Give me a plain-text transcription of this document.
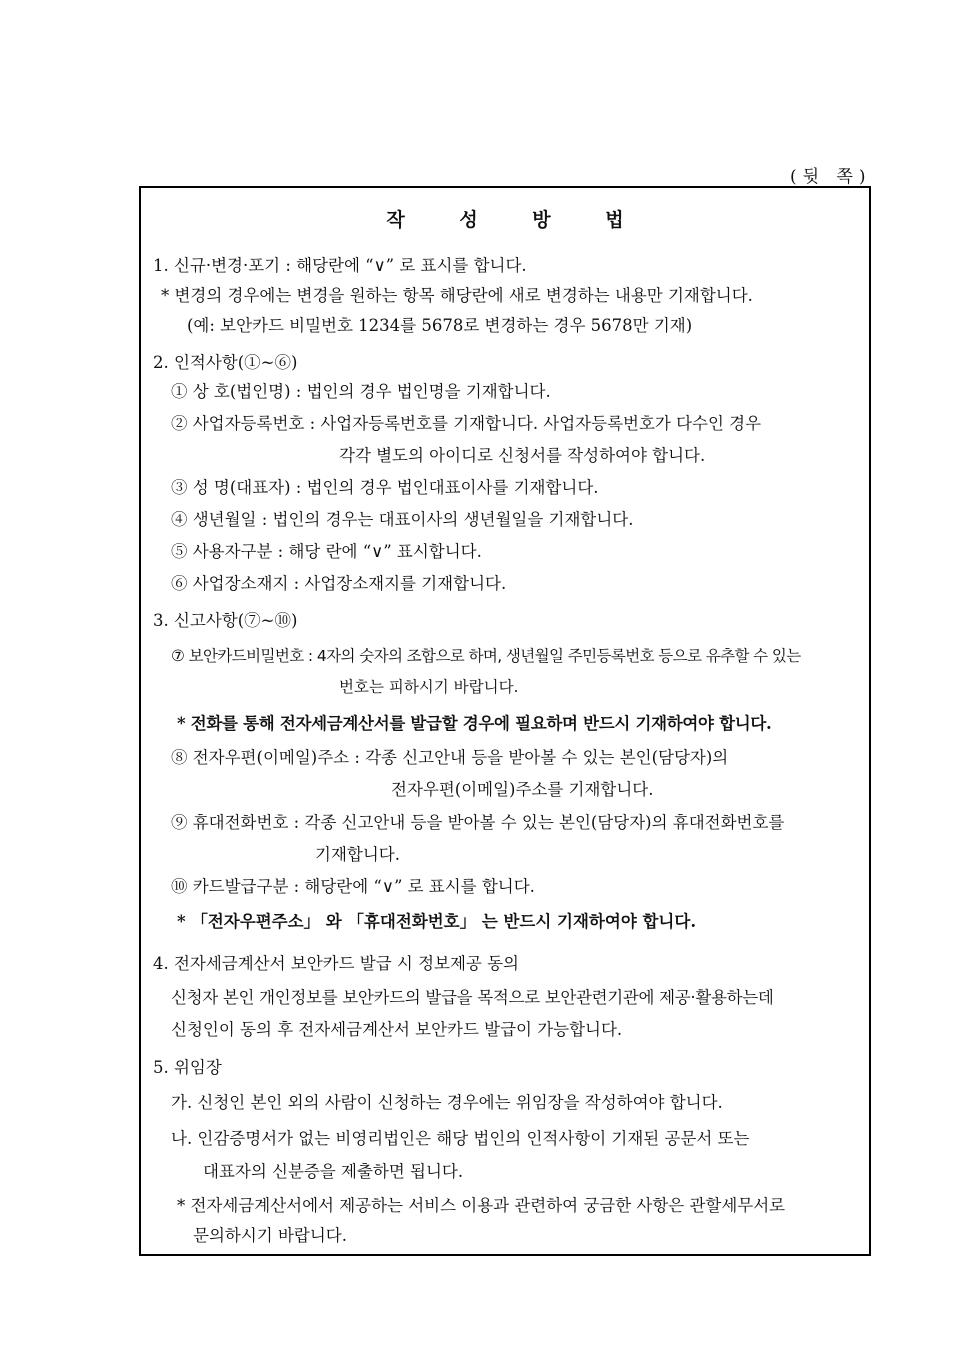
(뒷 쪽)
작 성 방 법
1. 신규·변경·포기 : 해당란에 “∨” 로 표시를 합니다.
* 변경의 경우에는 변경을 원하는 항목 해당란에 새로 변경하는 내용만 기재합니다.
(예: 보안카드 비밀번호 1234를 5678로 변경하는 경우 5678만 기재)
2. 인적사항(①~⑥)
① 상 호(법인명) : 법인의 경우 법인명을 기재합니다.
② 사업자등록번호 : 사업자등록번호를 기재합니다. 사업자등록번호가 다수인 경우
각각 별도의 아이디로 신청서를 작성하여야 합니다.
③ 성 명(대표자) : 법인의 경우 법인대표이사를 기재합니다.
④ 생년월일 : 법인의 경우는 대표이사의 생년월일을 기재합니다.
⑤ 사용자구분 : 해당 란에 “∨” 표시합니다.
⑥ 사업장소재지 : 사업장소재지를 기재합니다.
3. 신고사항(⑦~⑩)
⑦ 보안카드비밀번호 : 4자의 숫자의 조합으로 하며, 생년월일 주민등록번호 등으로 유추할 수 있는
번호는 피하시기 바랍니다.
* 전화를 통해 전자세금계산서를 발급할 경우에 필요하며 반드시 기재하여야 합니다.
⑧ 전자우편(이메일)주소 : 각종 신고안내 등을 받아볼 수 있는 본인(담당자)의
전자우편(이메일)주소를 기재합니다.
⑨ 휴대전화번호 : 각종 신고안내 등을 받아볼 수 있는 본인(담당자)의 휴대전화번호를
기재합니다.
⑩ 카드발급구분 : 해당란에 “∨” 로 표시를 합니다.
* 「전자우편주소」 와 「휴대전화번호」 는 반드시 기재하여야 합니다.
4. 전자세금계산서 보안카드 발급 시 정보제공 동의
신청자 본인 개인정보를 보안카드의 발급을 목적으로 보안관련기관에 제공·활용하는데
신청인이 동의 후 전자세금계산서 보안카드 발급이 가능합니다.
5. 위임장
가. 신청인 본인 외의 사람이 신청하는 경우에는 위임장을 작성하여야 합니다.
나. 인감증명서가 없는 비영리법인은 해당 법인의 인적사항이 기재된 공문서 또는
대표자의 신분증을 제출하면 됩니다.
* 전자세금계산서에서 제공하는 서비스 이용과 관련하여 궁금한 사항은 관할세무서로
문의하시기 바랍니다.
